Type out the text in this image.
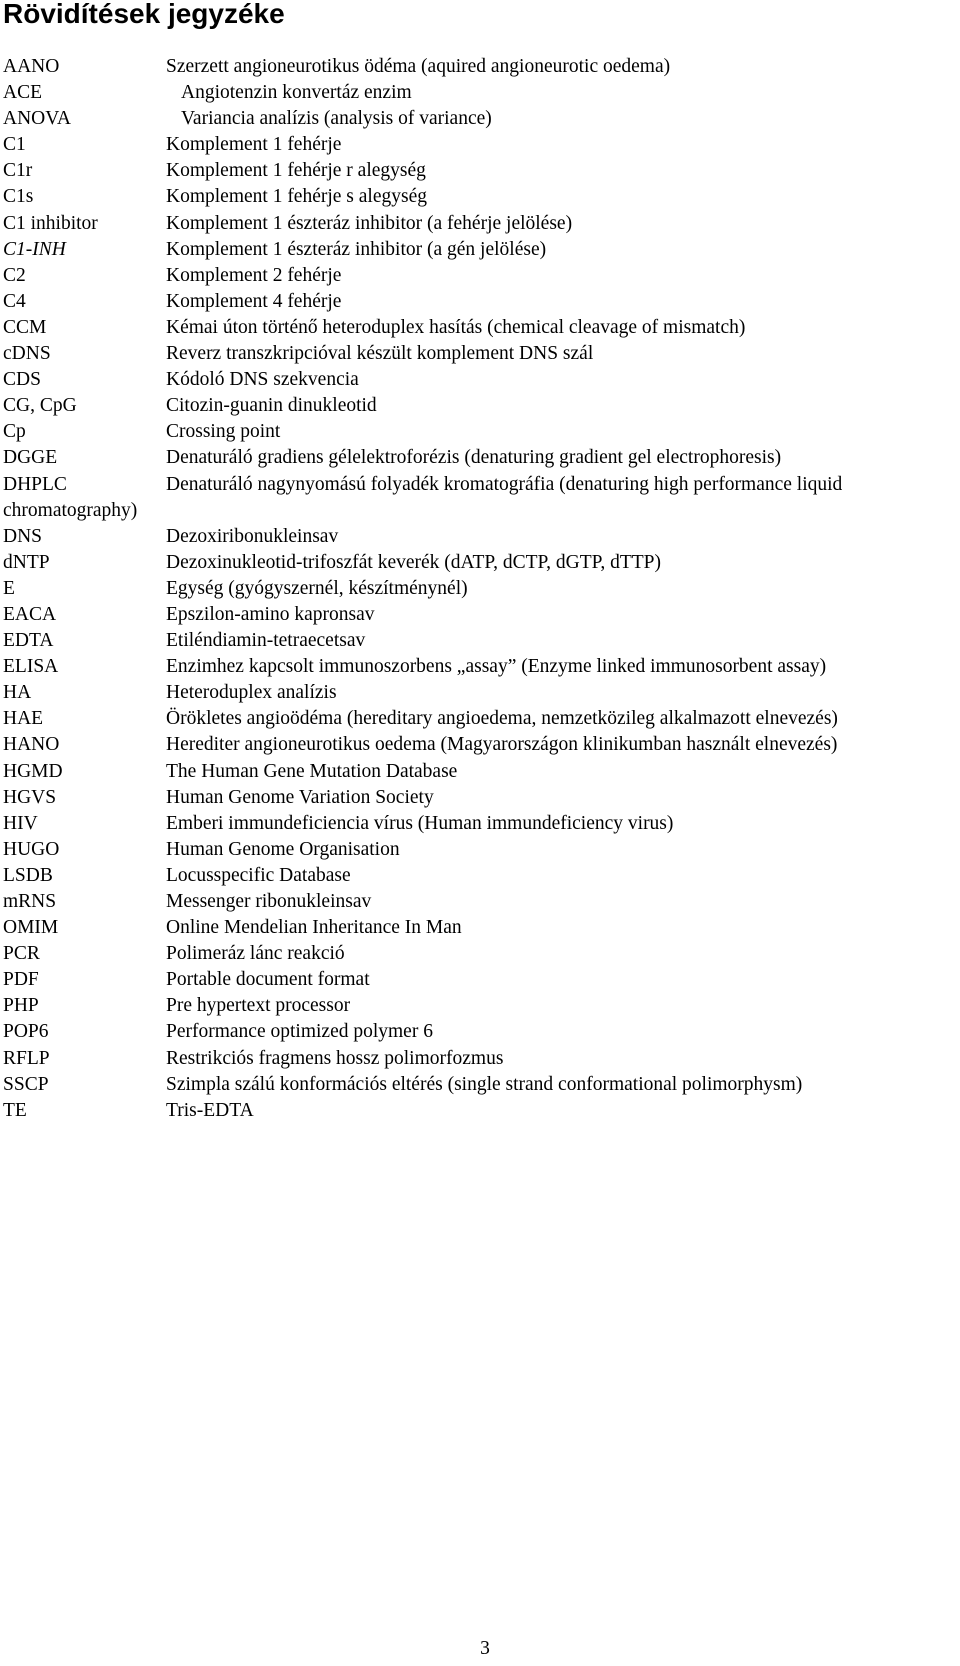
Rövidítések jegyzéke
AANO	Szerzett angioneurotikus ödéma (aquired angioneurotic oedema)
ACE	Angiotenzin konvertáz enzim
ANOVA	Variancia analízis (analysis of variance)
C1	Komplement 1 fehérje
C1r	Komplement 1 fehérje r alegység
C1s	Komplement 1 fehérje s alegység
C1 inhibitor	Komplement 1 észteráz inhibitor (a fehérje jelölése)
C1-INH	Komplement 1 észteráz inhibitor (a gén jelölése)
C2	Komplement 2 fehérje
C4	Komplement 4 fehérje
CCM	Kémai úton történő heteroduplex hasítás (chemical cleavage of mismatch)
cDNS	Reverz transzkripcióval készült komplement DNS szál
CDS	Kódoló DNS szekvencia
CG, CpG	Citozin-guanin dinukleotid
Cp	Crossing point
DGGE	Denaturáló gradiens gélelektroforézis (denaturing gradient gel electrophoresis)
DHPLC	Denaturáló nagynyomású folyadék kromatográfia (denaturing high performance liquid
chromatography)
DNS	Dezoxiribonukleinsav
dNTP	Dezoxinukleotid-trifoszfát keverék (dATP, dCTP, dGTP, dTTP)
E	Egység (gyógyszernél, készítménynél)
EACA	Epszilon-amino kapronsav
EDTA	Etiléndiamin-tetraecetsav
ELISA	Enzimhez kapcsolt immunoszorbens „assay” (Enzyme linked immunosorbent assay)
HA	Heteroduplex analízis
HAE	Örökletes angioödéma (hereditary angioedema, nemzetközileg alkalmazott elnevezés)
HANO	Herediter angioneurotikus oedema (Magyarországon klinikumban használt elnevezés)
HGMD	The Human Gene Mutation Database
HGVS	Human Genome Variation Society
HIV	Emberi immundeficiencia vírus (Human immundeficiency virus)
HUGO	Human Genome Organisation
LSDB	Locusspecific Database
mRNS	Messenger ribonukleinsav
OMIM	Online Mendelian Inheritance In Man
PCR	Polimeráz lánc reakció
PDF	Portable document format
PHP	Pre hypertext processor
POP6	Performance optimized polymer 6
RFLP	Restrikciós fragmens hossz polimorfozmus
SSCP	Szimpla szálú konformációs eltérés (single strand conformational polimorphysm)
TE	Tris-EDTA
3
